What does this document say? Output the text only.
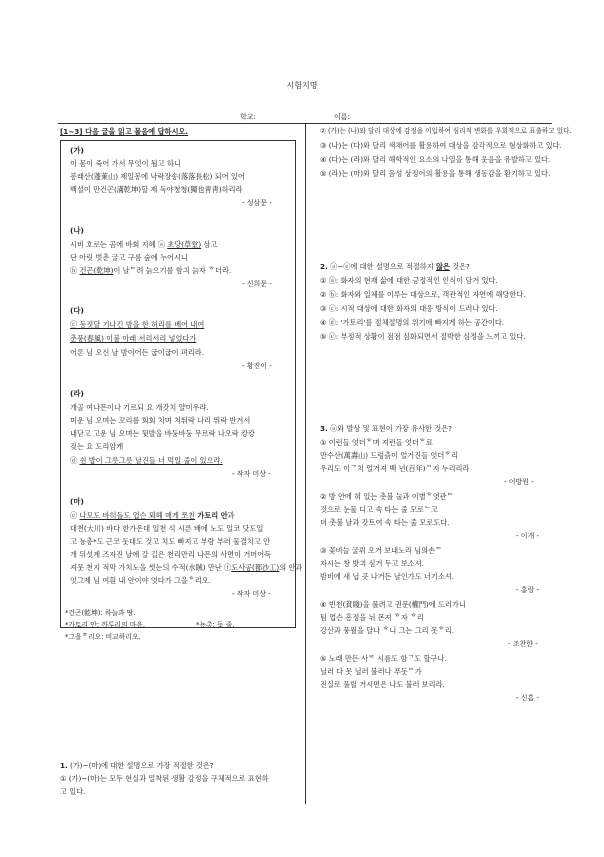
시험지명
학교:	이름:
[1~3] 다음 글을 읽고 물음에 답하시오.
(가)
이 몸이 죽어 가서 무엇이 될고 하니
봉래산(蓬萊山) 제일봉에 낙락장송(落落長松) 되어 있어
백설이 만건곤(滿乾坤)할 제 독야청청(獨也靑靑)하리라
- 성삼문 -
(나)
시비 호로는 곰에 바회 지혜 ⓐ 초당(草堂) 삼고
단 아릿 벗춘 굴고 구름 숲에 누어시니
ⓑ 건곤(乾坤)이 날ᄃ려 늙으기를 함긔 늙자 ᄒ더라.
- 신희문 -
(다)
ⓒ 동짓달 기나긴 밤을 한 허리를 베어 내여
춘풍(春風) 이불 아래 서리서리 넣었다가
어론 님 오신 날 밤이어든 굽이굽이 펴리라.
- 황진이 -
(라)
개골 여나믄이나 기르되 요 개갓치 얄미우랴.
미운 님 오며는 꼬리를 회회 치며 치뛰락 나리 뛰락 반겨서
내닫고 고운 님 오며는 뒷발을 바둥바둥 무르락 나오락 캉캉
짖는 요 도리암캐
ⓓ 쉰 밥이 그릇그릇 날진들 너 먹일 줄이 있으랴.
- 작자 미상 -
(마)
ⓔ 나모도 바히돌도 업슨 뫼헤 매게 쪼친 가토리 안과
대천(大川) 바다 한가온대 일천 석 시른 배에 노도 일코 닷도일
고 뇽총*도 근코 돗대도 것고 치도 빠지고 부람 부러 물결치고 안
개 뒤섯계 즈자진 날에 갈 길은 천리만리 나믄의 사면이 거머어득
져뭇 천지 적막 가치노을 썻는듸 수적(水賊) 만난 ⓕ도사공(都沙工)의 안과
엇그제 님 여흰 내 안이야 엇다가 그을ᄒ리오.
- 작자 미상 -
*건곤(乾坤): 하늘과 땅.
*가토리 안: 까투리의 마음.	*뇽총: 돛 줄.
*그을ᄒ리오: 비교하리오.
1. (가)~(마)에 대한 설명으로 가장 적절한 것은?
① (가)~(마)는 모두 현실과 밀착된 생활 감정을 구체적으로 표현하
고 있다.
② (가)는 (나)와 달리 대상에 감정을 이입하여 심리적 변화를 우회적으로 표출하고 있다.
③ (나)는 (다)와 달리 색채어를 활용하여 대상을 감각적으로 형상화하고 있다.
④ (다)는 (라)와 달리 해학적인 요소의 나열을 통해 웃음을 유발하고 있다.
⑤ (라)는 (마)와 달리 음성 상징어의 활용을 통해 생동감을 환기하고 있다.
2. ⓐ~ⓔ에 대한 설명으로 적절하지 않은 것은?
① ⓐ: 화자의 현재 삶에 대한 긍정적인 인식이 담겨 있다.
② ⓑ: 화자와 일체를 이루는 대상으로, 객관적인 자연에 해당한다.
③ ⓒ: 시적 대상에 대한 화자의 대응 방식이 드러나 있다.
④ ⓓ: '가토리'를 절체절명의 위기에 빠지게 하는 공간이다.
⑤ ⓔ: 부정적 상황이 점점 심화되면서 절박한 심정을 느끼고 있다.
3. ⓐ와 발상 및 표현이 가장 유사한 것은?
① 이런들 엇더ᄒ며 져런들 엇더ᄒ료
만수산(萬壽山) 드렁츩이 얼거진들 엇더ᄒ리
우리도 이ᄀ치 얼거져 백 년(百年)ᄭ지 누리리라
- 이방원 -
② 방 안에 혀 있는 촛불 눌과 이별ᄒ엿관ᄃ
것으로 눈물 디고 속 타는 줄 모로ᄂ고
뎌 촛불 날과 갓트여 속 타는 줄 모로도다.
- 이개 -
③ 꽃비늘 굴뤼 오거 보내노라 님의손ᄃ
자시는 창 밧긔 심거 두고 보소셔.
밤비에 새 닙 곳 나거든 날인가도 너기소셔.
- 홍랑 -
④ 빈천(貧賤)을 풀려고 권문(權門)에 드러가니
팀 업슨 흥정을 뉘 몬져 ᄒ자 ᄒ리
강산과 풍월을 달나 ᄒ니 그는 그리 못ᄒ리.
- 조찬한 -
⑤ 노래 만든 사ᄅ 시름도 함ᄀ도 할구나.
닐러 다 못 닐러 불러나 푸돗ᄃ가
진실로 풀릴 거시면은 나도 불러 보리라.
- 신흠 -
